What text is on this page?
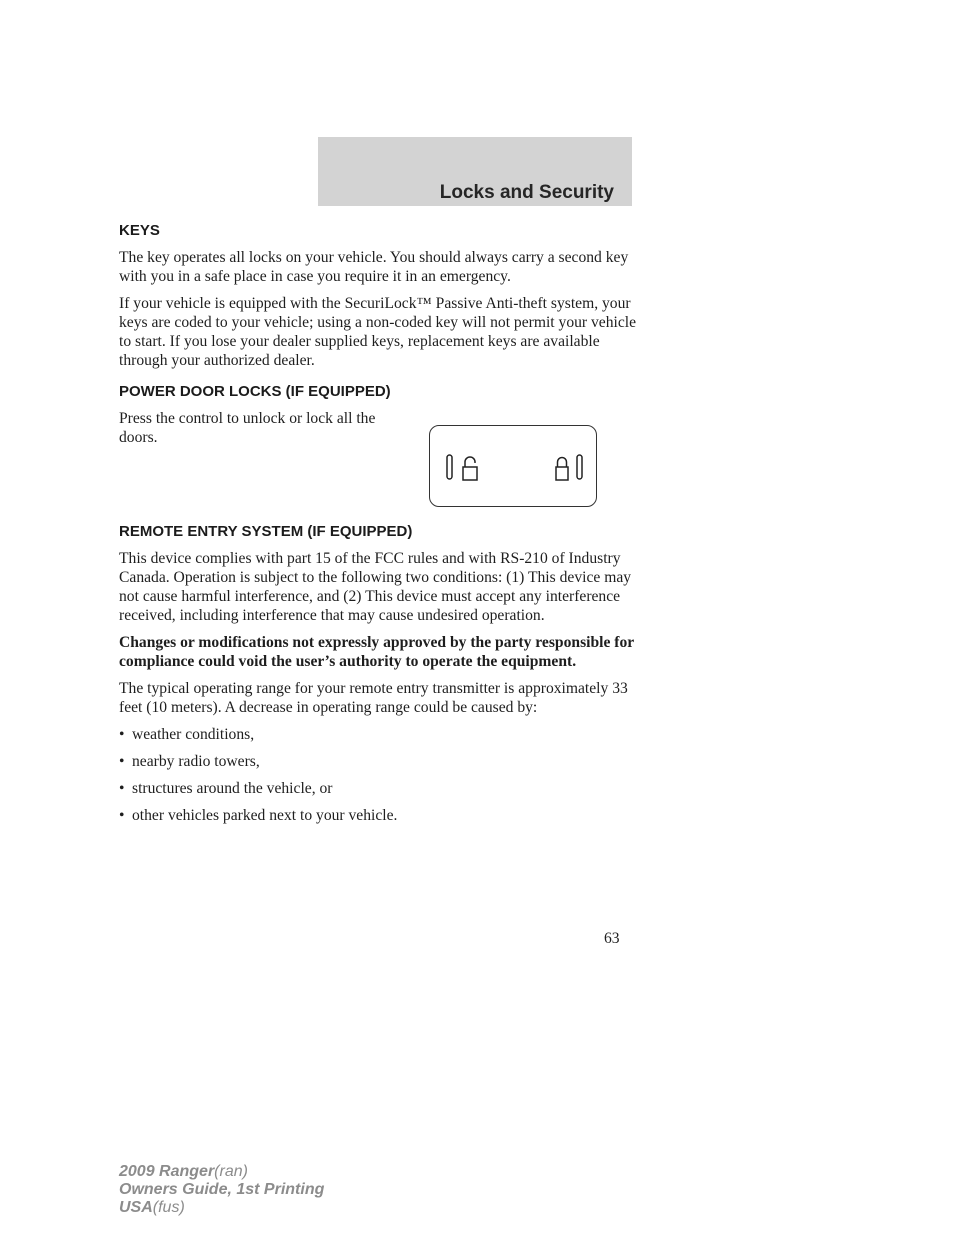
Locks and Security
KEYS

The key operates all locks on your vehicle. You should always carry a second key with you in a safe place in case you require it in an emergency.

If your vehicle is equipped with the SecuriLock™ Passive Anti-theft system, your keys are coded to your vehicle; using a non-coded key will not permit your vehicle to start. If you lose your dealer supplied keys, replacement keys are available through your authorized dealer.

POWER DOOR LOCKS (IF EQUIPPED)

Press the control to unlock or lock all the doors.

REMOTE ENTRY SYSTEM (IF EQUIPPED)

This device complies with part 15 of the FCC rules and with RS-210 of Industry Canada. Operation is subject to the following two conditions: (1) This device may not cause harmful interference, and (2) This device must accept any interference received, including interference that may cause undesired operation.

Changes or modifications not expressly approved by the party responsible for compliance could void the user’s authority to operate the equipment.

The typical operating range for your remote entry transmitter is approximately 33 feet (10 meters). A decrease in operating range could be caused by:

• weather conditions,
• nearby radio towers,
• structures around the vehicle, or
• other vehicles parked next to your vehicle.
63
2009 Ranger(ran)
Owners Guide, 1st Printing
USA(fus)
